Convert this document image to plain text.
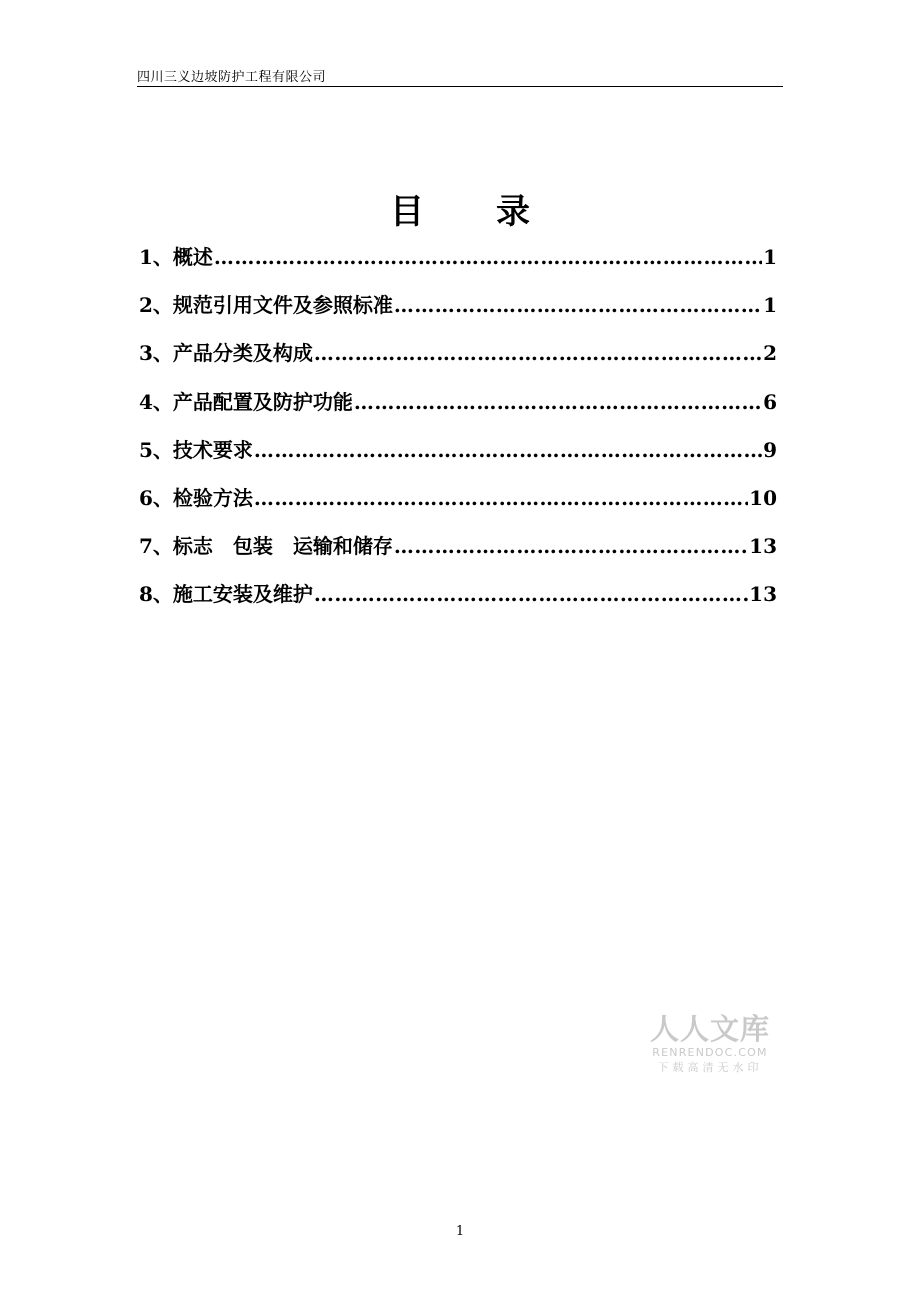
四川三义边坡防护工程有限公司
目 录
1 、 概述 …………………………………………………………………………………………………………………………………………………………………………………………	1
2 、 规范引用文件及参照标准 …………………………………………………………………………………………………………………………………………………………………………………………	1
3 、 产品分类及构成 …………………………………………………………………………………………………………………………………………………………………………………………	2
4 、 产品配置及防护功能 …………………………………………………………………………………………………………………………………………………………………………………………	6
5 、 技术要求 …………………………………………………………………………………………………………………………………………………………………………………………	9
6 、 检验方法 …………………………………………………………………………………………………………………………………………………………………………………………	10
7 、 标志　包装　运输和储存 …………………………………………………………………………………………………………………………………………………………………………………………	13
8 、 施工安装及维护 …………………………………………………………………………………………………………………………………………………………………………………………	13
人人文库
RENRENDOC.COM
下载高清无水印
1
